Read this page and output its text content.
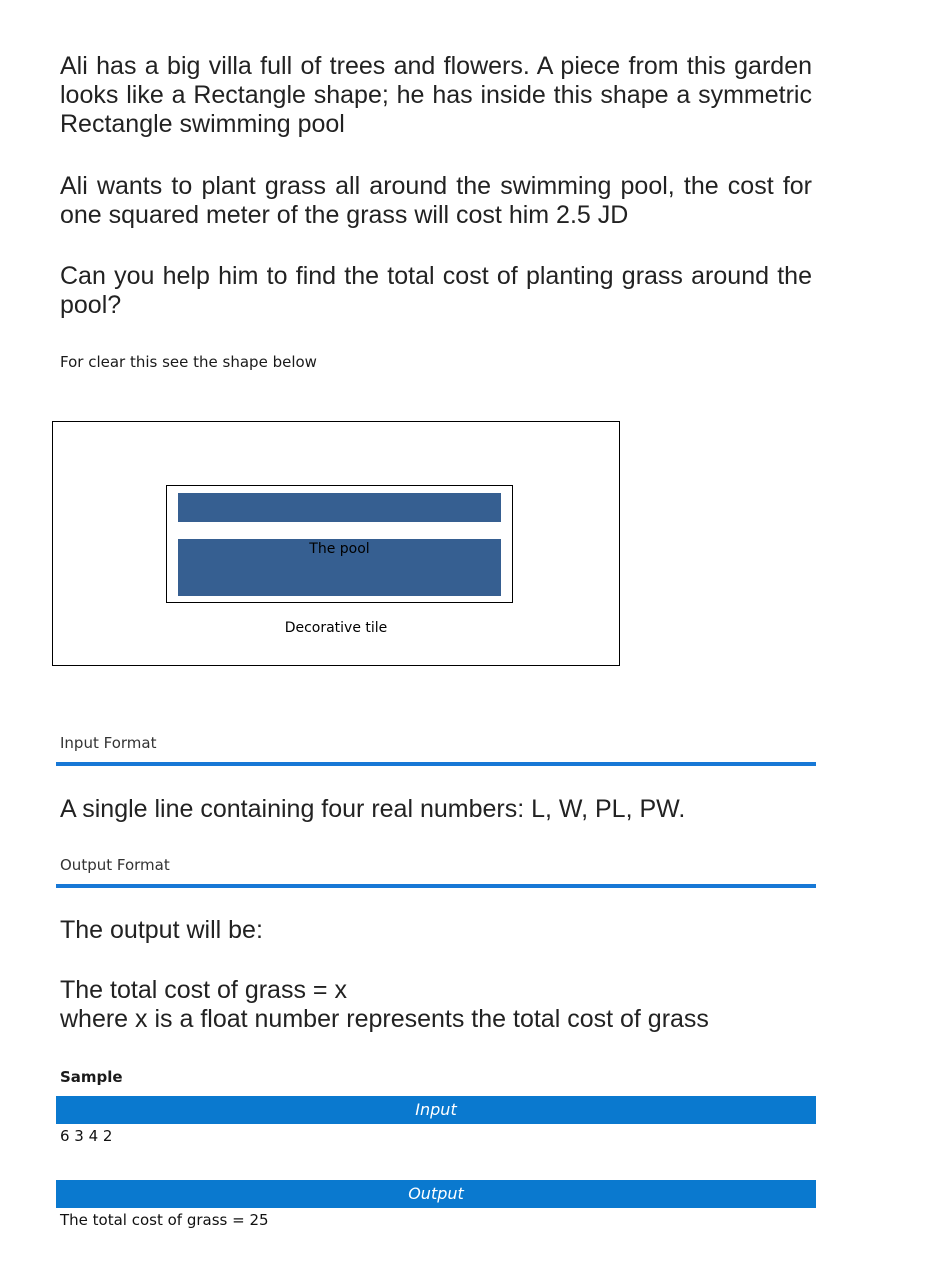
Ali has a big villa full of trees and flowers. A piece from this garden looks like a Rectangle shape; he has inside this shape a symmetric Rectangle swimming pool

Ali wants to plant grass all around the swimming pool, the cost for one squared meter of the grass will cost him 2.5 JD

Can you help him to find the total cost of planting grass around the pool?

For clear this see the shape below
The pool
Decorative tile
Input Format
A single line containing four real numbers: L, W, PL, PW.
Output Format
The output will be:
The total cost of grass = x
where x is a float number represents the total cost of grass
Sample
Input
6 3 4 2
Output
The total cost of grass = 25
